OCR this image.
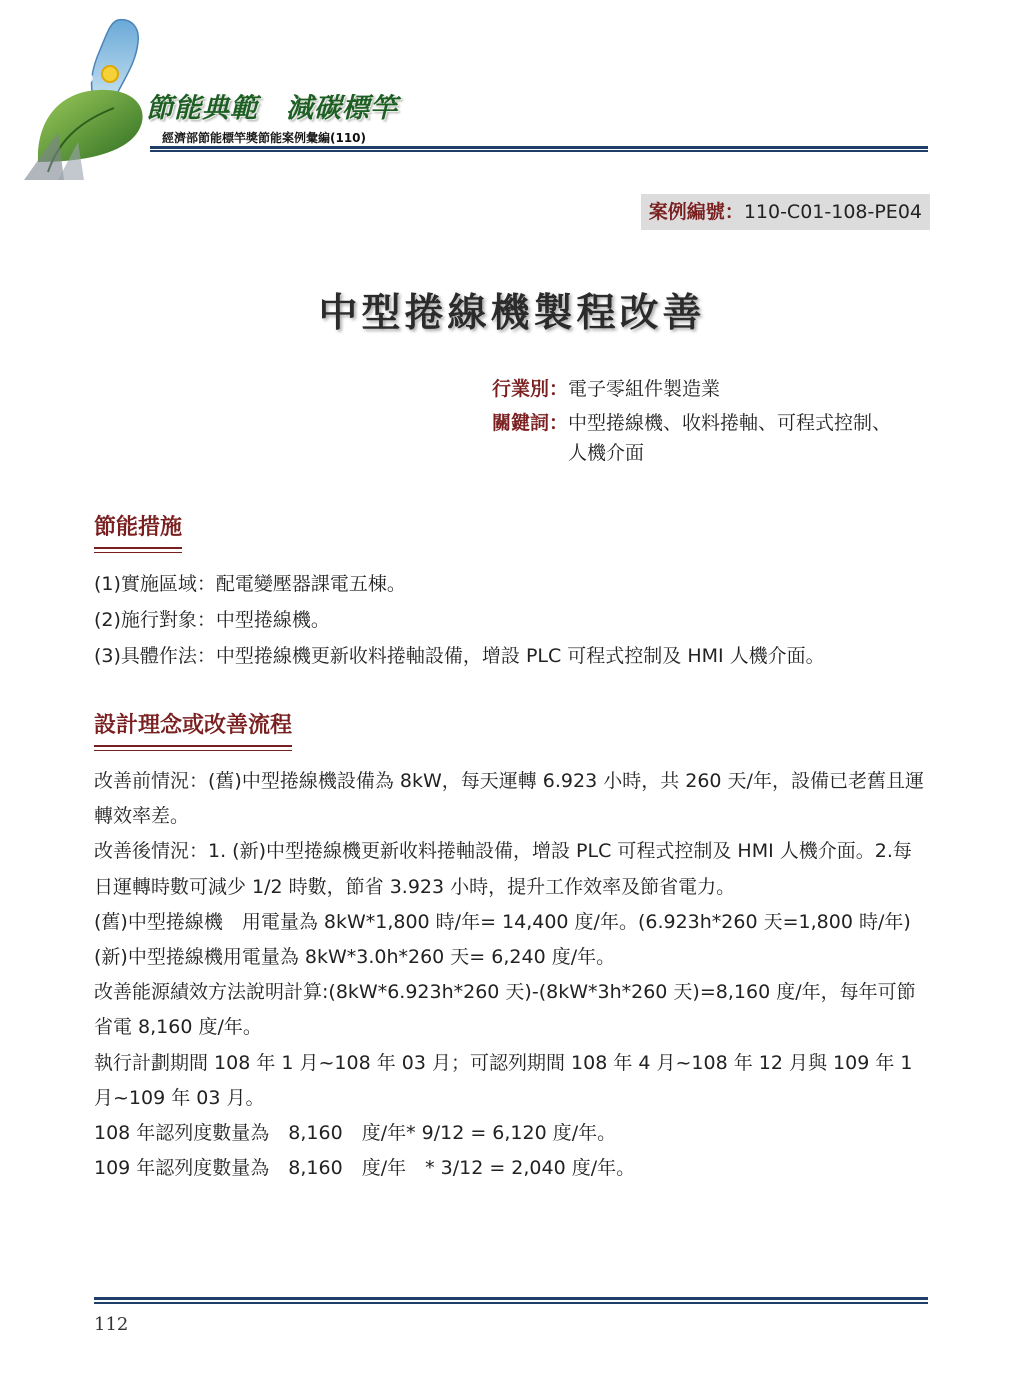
節能典範　減碳標竿
經濟部節能標竿獎節能案例彙編(110)
案例編號：110-C01-108-PE04
中型捲線機製程改善
行業別： 電子零組件製造業
關鍵詞： 中型捲線機、收料捲軸、可程式控制、人機介面
節能措施
(1)實施區域：配電變壓器課電五棟。
(2)施行對象：中型捲線機。
(3)具體作法：中型捲線機更新收料捲軸設備，增設 PLC 可程式控制及 HMI 人機介面。
設計理念或改善流程

改善前情況：(舊)中型捲線機設備為 8kW，每天運轉 6.923 小時，共 260 天/年，設備已老舊且運轉效率差。

改善後情況：1. (新)中型捲線機更新收料捲軸設備，增設 PLC 可程式控制及 HMI 人機介面。2.每日運轉時數可減少 1/2 時數，節省 3.923 小時，提升工作效率及節省電力。

(舊)中型捲線機　用電量為 8kW*1,800 時/年= 14,400 度/年。(6.923h*260 天=1,800 時/年)

(新)中型捲線機用電量為 8kW*3.0h*260 天= 6,240 度/年。

改善能源績效方法說明計算:(8kW*6.923h*260 天)-(8kW*3h*260 天)=8,160 度/年，每年可節省電 8,160 度/年。

執行計劃期間 108 年 1 月~108 年 03 月；可認列期間 108 年 4 月~108 年 12 月與 109 年 1 月~109 年 03 月。

108 年認列度數量為　8,160　度/年* 9/12 = 6,120 度/年。

109 年認列度數量為　8,160　度/年　* 3/12 = 2,040 度/年。

112
